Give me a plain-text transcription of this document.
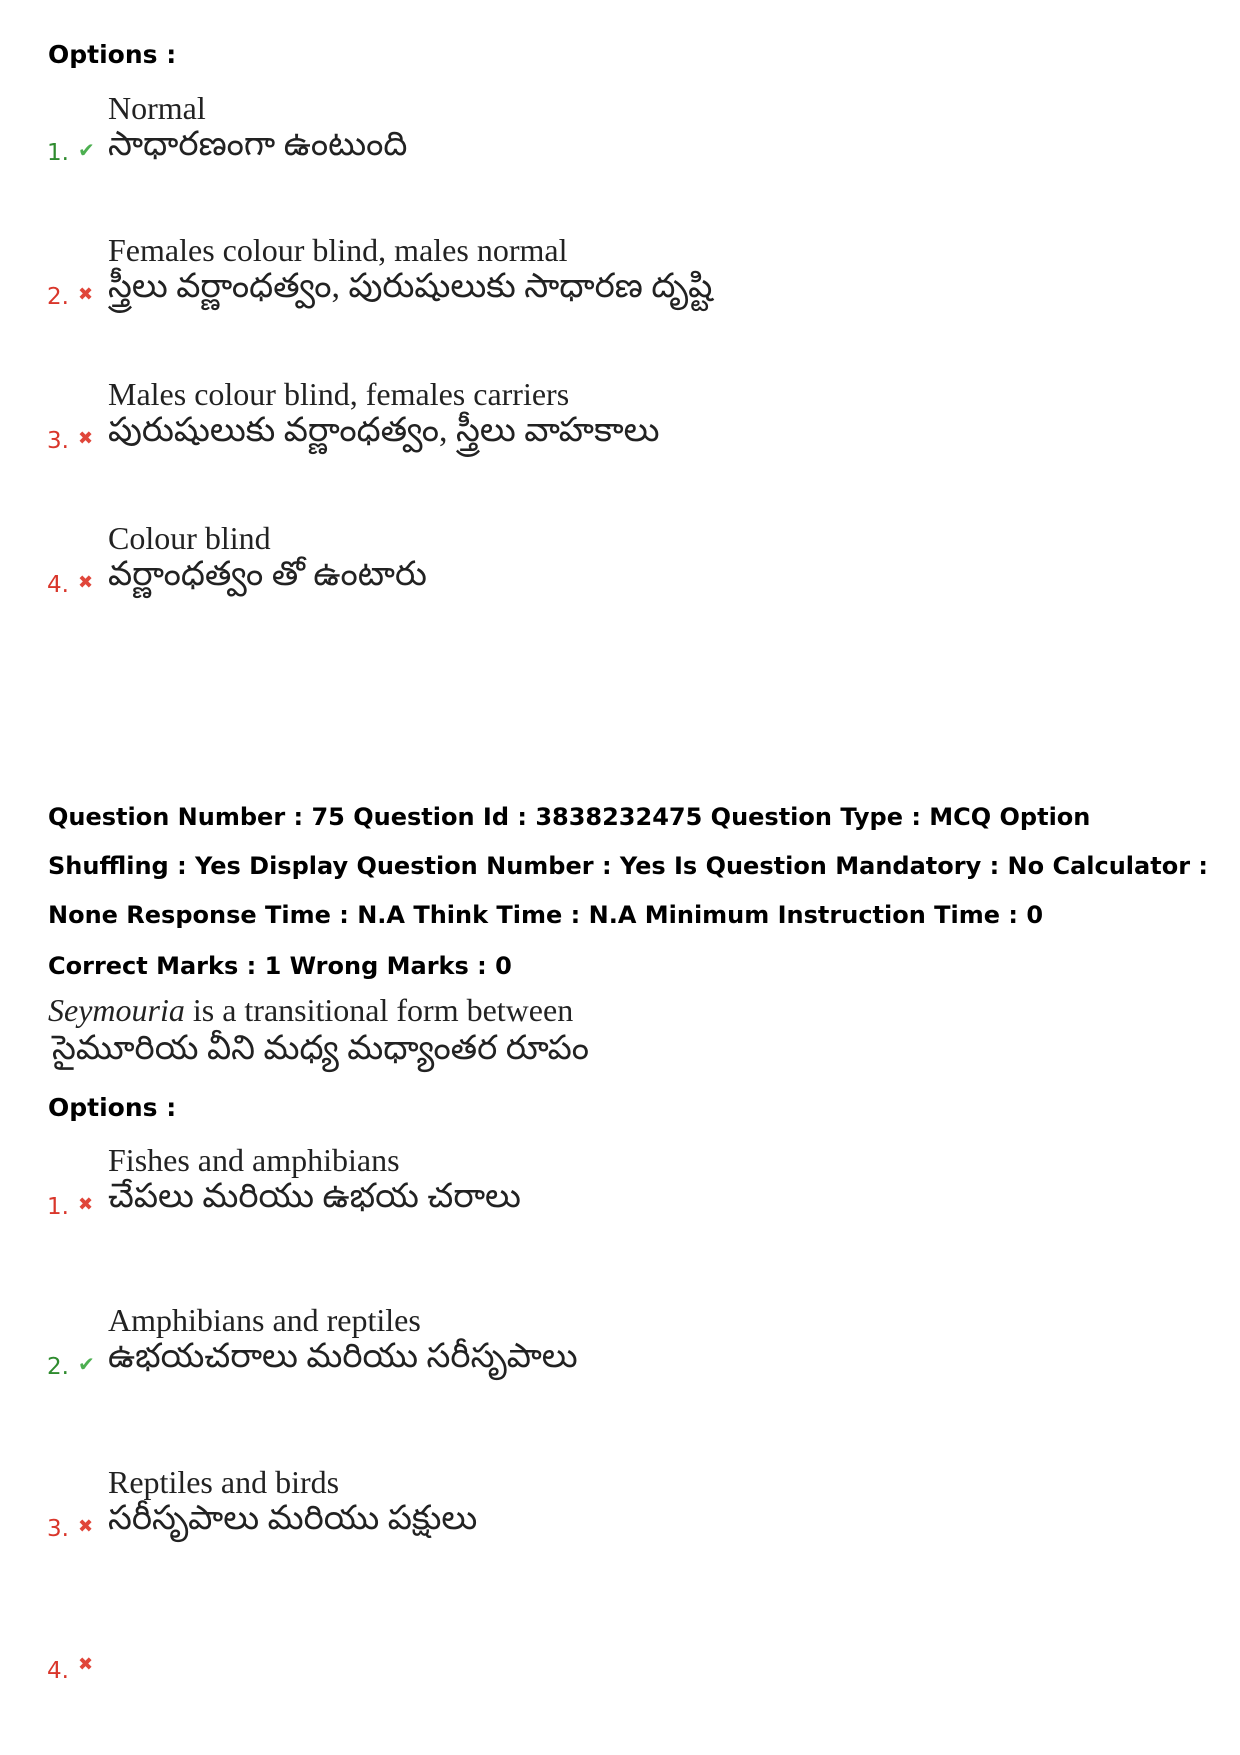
Options :
Normal
1. ✔ సాధారణంగా ఉంటుంది
Females colour blind, males normal
2. ✖ స్త్రీలు వర్ణాంధత్వం, పురుషులుకు సాధారణ దృష్టి
Males colour blind, females carriers
3. ✖ పురుషులుకు వర్ణాంధత్వం, స్త్రీలు వాహకాలు
Colour blind
4. ✖ వర్ణాంధత్వం తో ఉంటారు
Question Number : 75 Question Id : 3838232475 Question Type : MCQ Option Shuffling : Yes Display Question Number : Yes Is Question Mandatory : No Calculator : None Response Time : N.A Think Time : N.A Minimum Instruction Time : 0
Correct Marks : 1 Wrong Marks : 0
Seymouria is a transitional form between
సైమూరియ వీని మధ్య మధ్యాంతర రూపం
Options :
Fishes and amphibians
1. ✖ చేపలు మరియు ఉభయ చరాలు
Amphibians and reptiles
2. ✔ ఉభయచరాలు మరియు సరీసృపాలు
Reptiles and birds
3. ✖ సరీసృపాలు మరియు పక్షులు
4. ✖
